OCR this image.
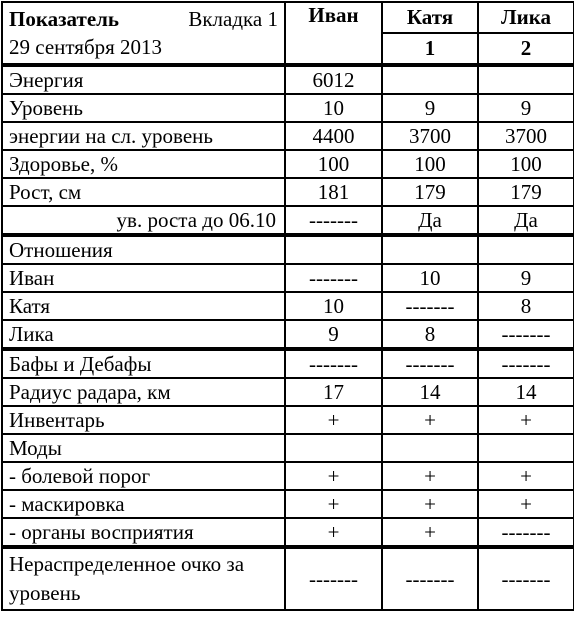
Показатель Вкладка 1
29 сентября 2013	Иван	Катя	Лика
		1	2
Энергия	6012		
Уровень	10	9	9
энергии на сл. уровень	4400	3700	3700
Здоровье, %	100	100	100
Рост, см	181	179	179
ув. роста до 06.10	-------	Да	Да
Отношения			
Иван	-------	10	9
Катя	10	-------	8
Лика	9	8	-------
Бафы и Дебафы	-------	-------	-------
Радиус радара, км	17	14	14
Инвентарь	+	+	+
Моды			
- болевой порог	+	+	+
- маскировка	+	+	+
- органы восприятия	+	+	-------
Нераспределенное очко за уровень	-------	-------	-------
